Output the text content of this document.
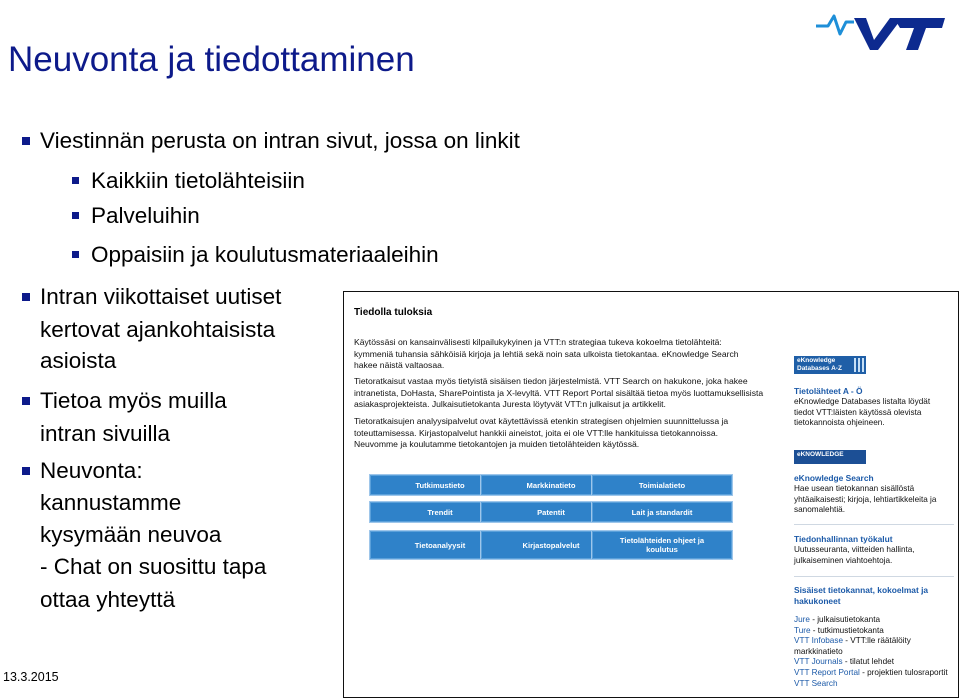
Neuvonta ja tiedottaminen
Viestinnän perusta on intran sivut, jossa on linkit
Kaikkiin tietolähteisiin
Palveluihin
Oppaisiin ja koulutusmateriaaleihin
Intran viikottaiset uutiset
kertovat ajankohtaisista
asioista
Tietoa myös muilla
intran sivuilla
Neuvonta:
kannustamme
kysymään neuvoa
- Chat on suosittu tapa
ottaa yhteyttä
13.3.2015
Tiedolla tuloksia
Käytössäsi on kansainvälisesti kilpailukykyinen ja VTT:n strategiaa tukeva kokoelma tietolähteitä:
kymmeniä tuhansia sähköisiä kirjoja ja lehtiä sekä noin sata ulkoista tietokantaa. eKnowledge Search
hakee näistä valtaosaa.
Tietoratkaisut vastaa myös tietyistä sisäisen tiedon järjestelmistä. VTT Search on hakukone, joka hakee
intranetista, DoHasta, SharePointista ja X-levyltä. VTT Report Portal sisältää tietoa myös luottamuksellisista
asiakasprojekteista. Julkaisutietokanta Juresta löytyvät VTT:n julkaisut ja artikkelit.
Tietoratkaisujen analyysipalvelut ovat käytettävissä etenkin strategisen ohjelmien suunnittelussa ja
toteuttamisessa. Kirjastopalvelut hankkii aineistot, joita ei ole VTT:lle hankituissa tietokannoissa.
Neuvomme ja koulutamme tietokantojen ja muiden tietolähteiden käytössä.
Tutkimustieto	Markkinatieto	Toimialatieto
Trendit	Patentit	Lait ja standardit
Tietoanalyysit	Kirjastopalvelut	Tietolähteiden ohjeet ja
koulutus
eKnowledge
Databases A-Z
Tietolähteet A - Ö
eKnowledge Databases listalta löydät
tiedot VTT:läisten käytössä olevista
tietokannoista ohjeineen.
eKNOWLEDGE
eKnowledge Search
Hae usean tietokannan sisällöstä
yhtäaikaisesti; kirjoja, lehtiartikkeleita ja
sanomalehtiä.
Tiedonhallinnan työkalut
Uutusseuranta, viitteiden hallinta,
julkaiseminen viahtoehtoja.
Sisäiset tietokannat, kokoelmat ja
hakukoneet
Jure - julkaisutietokanta
Ture - tutkimustietokanta
VTT Infobase - VTT:lle räätälöity
markkinatieto
VTT Journals - tilatut lehdet
VTT Report Portal - projektien tulosraportit
VTT Search
